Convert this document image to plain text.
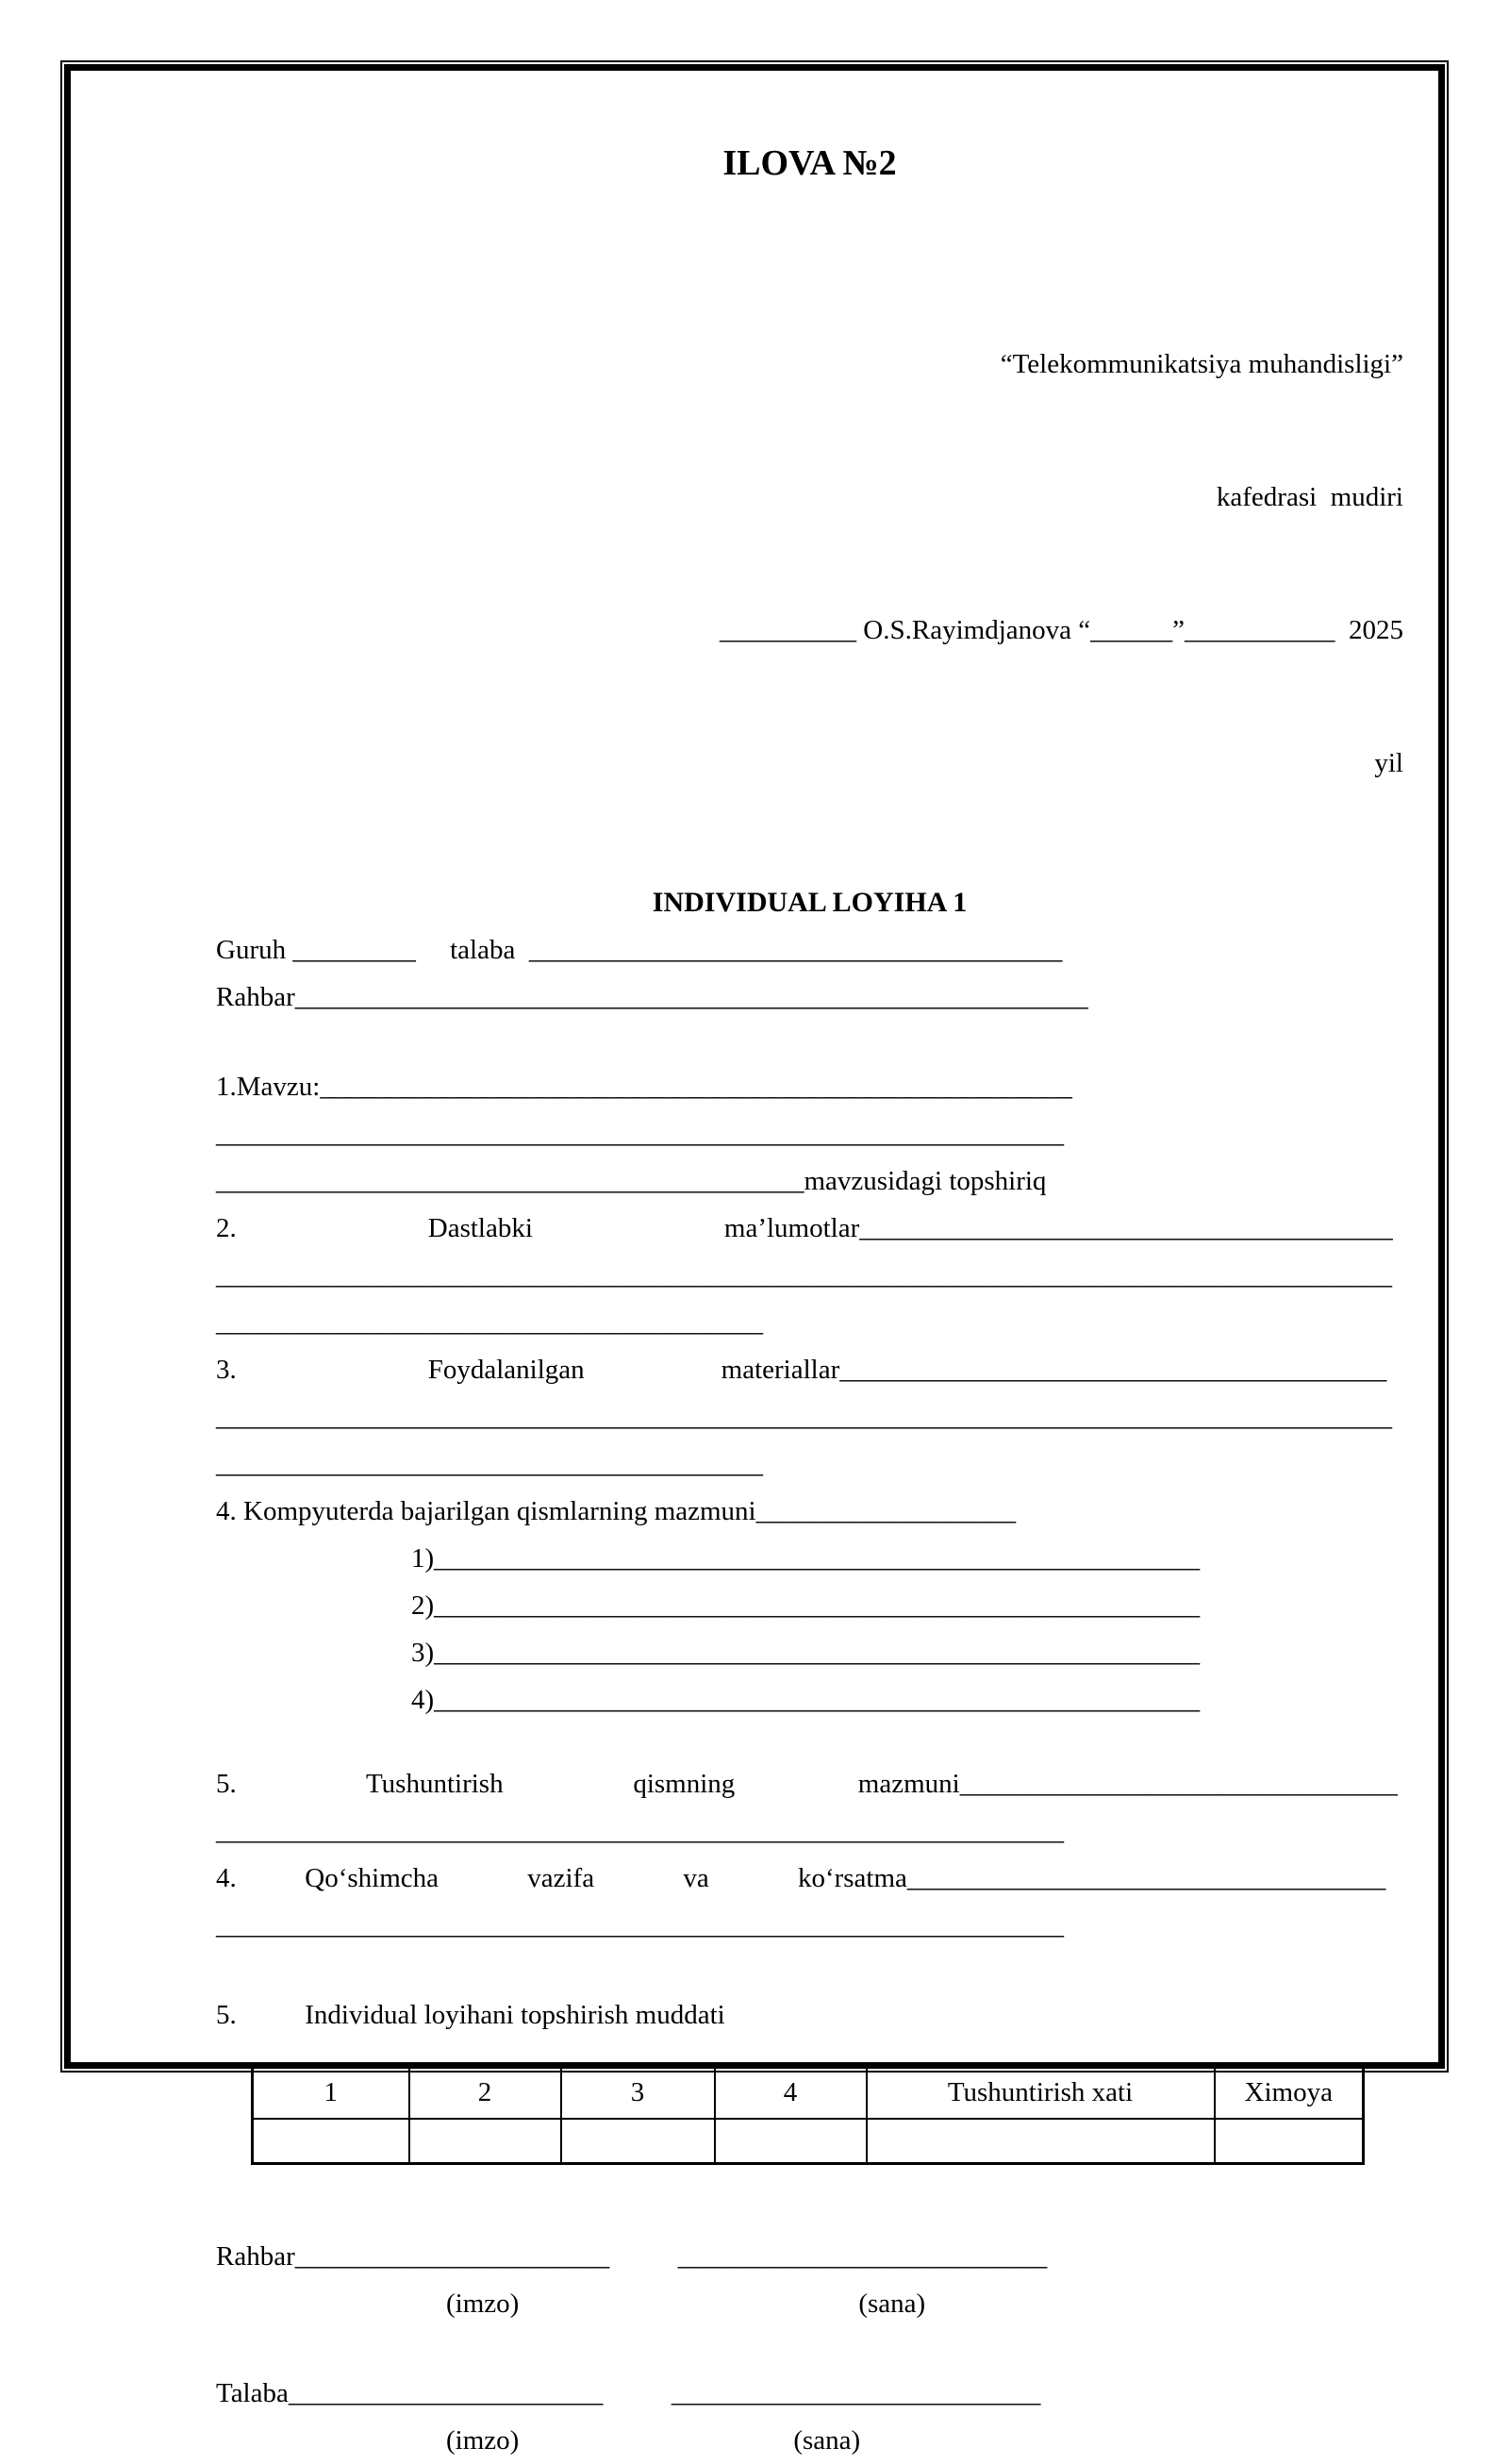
ILOVA №2

“Telekommunikatsiya muhandisligi”

kafedrasi  mudiri

__________ O.S.Rayimdjanova “______”___________  2025

yil

INDIVIDUAL LOYIHA 1
Guruh _________     talaba  _______________________________________
Rahbar__________________________________________________________
1.Mavzu:_______________________________________________________
______________________________________________________________
___________________________________________mavzusidagi topshiriq
2.                            Dastlabki                            ma’lumotlar_______________________________________
______________________________________________________________________________________
________________________________________
3.                            Foydalanilgan                    materiallar________________________________________
______________________________________________________________________________________
________________________________________
4. Kompyuterda bajarilgan qismlarning mazmuni___________________
1)________________________________________________________
2)________________________________________________________
3)________________________________________________________
4)________________________________________________________
5.                   Tushuntirish                   qismning                  mazmuni________________________________
______________________________________________________________
4.          Qo‘shimcha             vazifa             va             ko‘rsatma___________________________________
______________________________________________________________
5.          Individual loyihani topshirish muddati
1	2	3	4	Tushuntirish xati	Ximoya

Rahbar_______________________          ___________________________
(imzo)	(sana)
Talaba_______________________          ___________________________
(imzo)	(sana)
